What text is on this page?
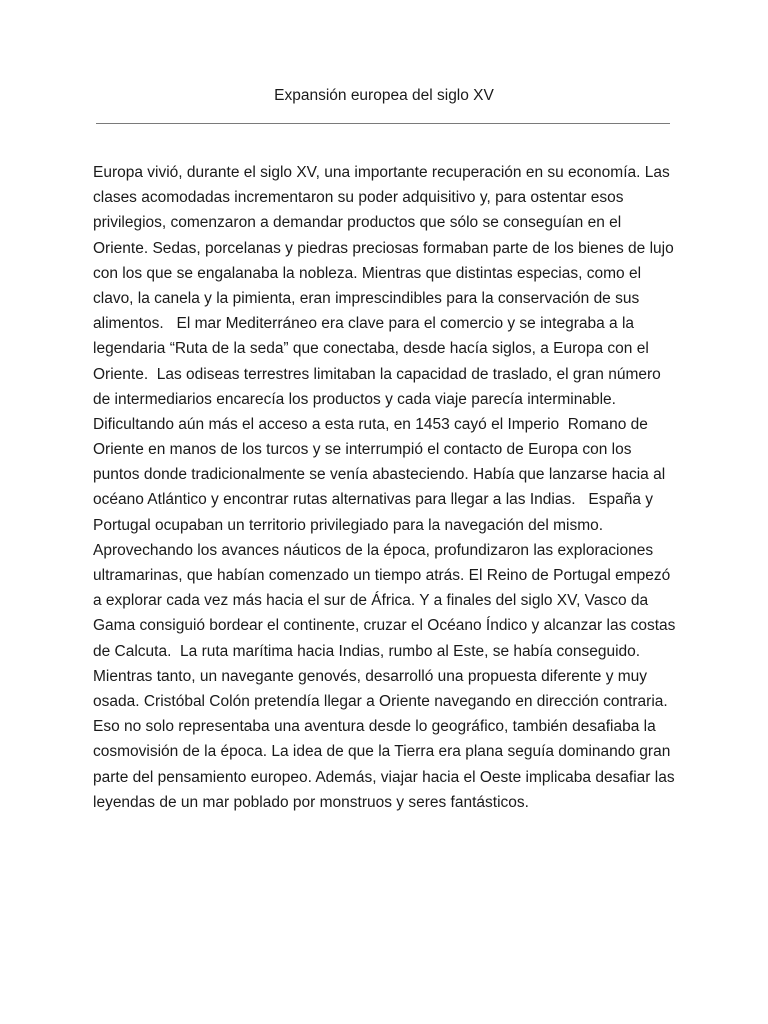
Expansión europea del siglo XV
Europa vivió, durante el siglo XV, una importante recuperación en su economía. Las
clases acomodadas incrementaron su poder adquisitivo y, para ostentar esos
privilegios, comenzaron a demandar productos que sólo se conseguían en el
Oriente. Sedas, porcelanas y piedras preciosas formaban parte de los bienes de lujo
con los que se engalanaba la nobleza. Mientras que distintas especias, como el
clavo, la canela y la pimienta, eran imprescindibles para la conservación de sus
alimentos.   El mar Mediterráneo era clave para el comercio y se integraba a la
legendaria “Ruta de la seda” que conectaba, desde hacía siglos, a Europa con el
Oriente.  Las odiseas terrestres limitaban la capacidad de traslado, el gran número
de intermediarios encarecía los productos y cada viaje parecía interminable.
Dificultando aún más el acceso a esta ruta, en 1453 cayó el Imperio  Romano de
Oriente en manos de los turcos y se interrumpió el contacto de Europa con los
puntos donde tradicionalmente se venía abasteciendo. Había que lanzarse hacia al
océano Atlántico y encontrar rutas alternativas para llegar a las Indias.   España y
Portugal ocupaban un territorio privilegiado para la navegación del mismo.
Aprovechando los avances náuticos de la época, profundizaron las exploraciones
ultramarinas, que habían comenzado un tiempo atrás. El Reino de Portugal empezó
a explorar cada vez más hacia el sur de África. Y a finales del siglo XV, Vasco da
Gama consiguió bordear el continente, cruzar el Océano Índico y alcanzar las costas
de Calcuta.  La ruta marítima hacia Indias, rumbo al Este, se había conseguido.
Mientras tanto, un navegante genovés, desarrolló una propuesta diferente y muy
osada. Cristóbal Colón pretendía llegar a Oriente navegando en dirección contraria.
Eso no solo representaba una aventura desde lo geográfico, también desafiaba la
cosmovisión de la época. La idea de que la Tierra era plana seguía dominando gran
parte del pensamiento europeo. Además, viajar hacia el Oeste implicaba desafiar las
leyendas de un mar poblado por monstruos y seres fantásticos.
